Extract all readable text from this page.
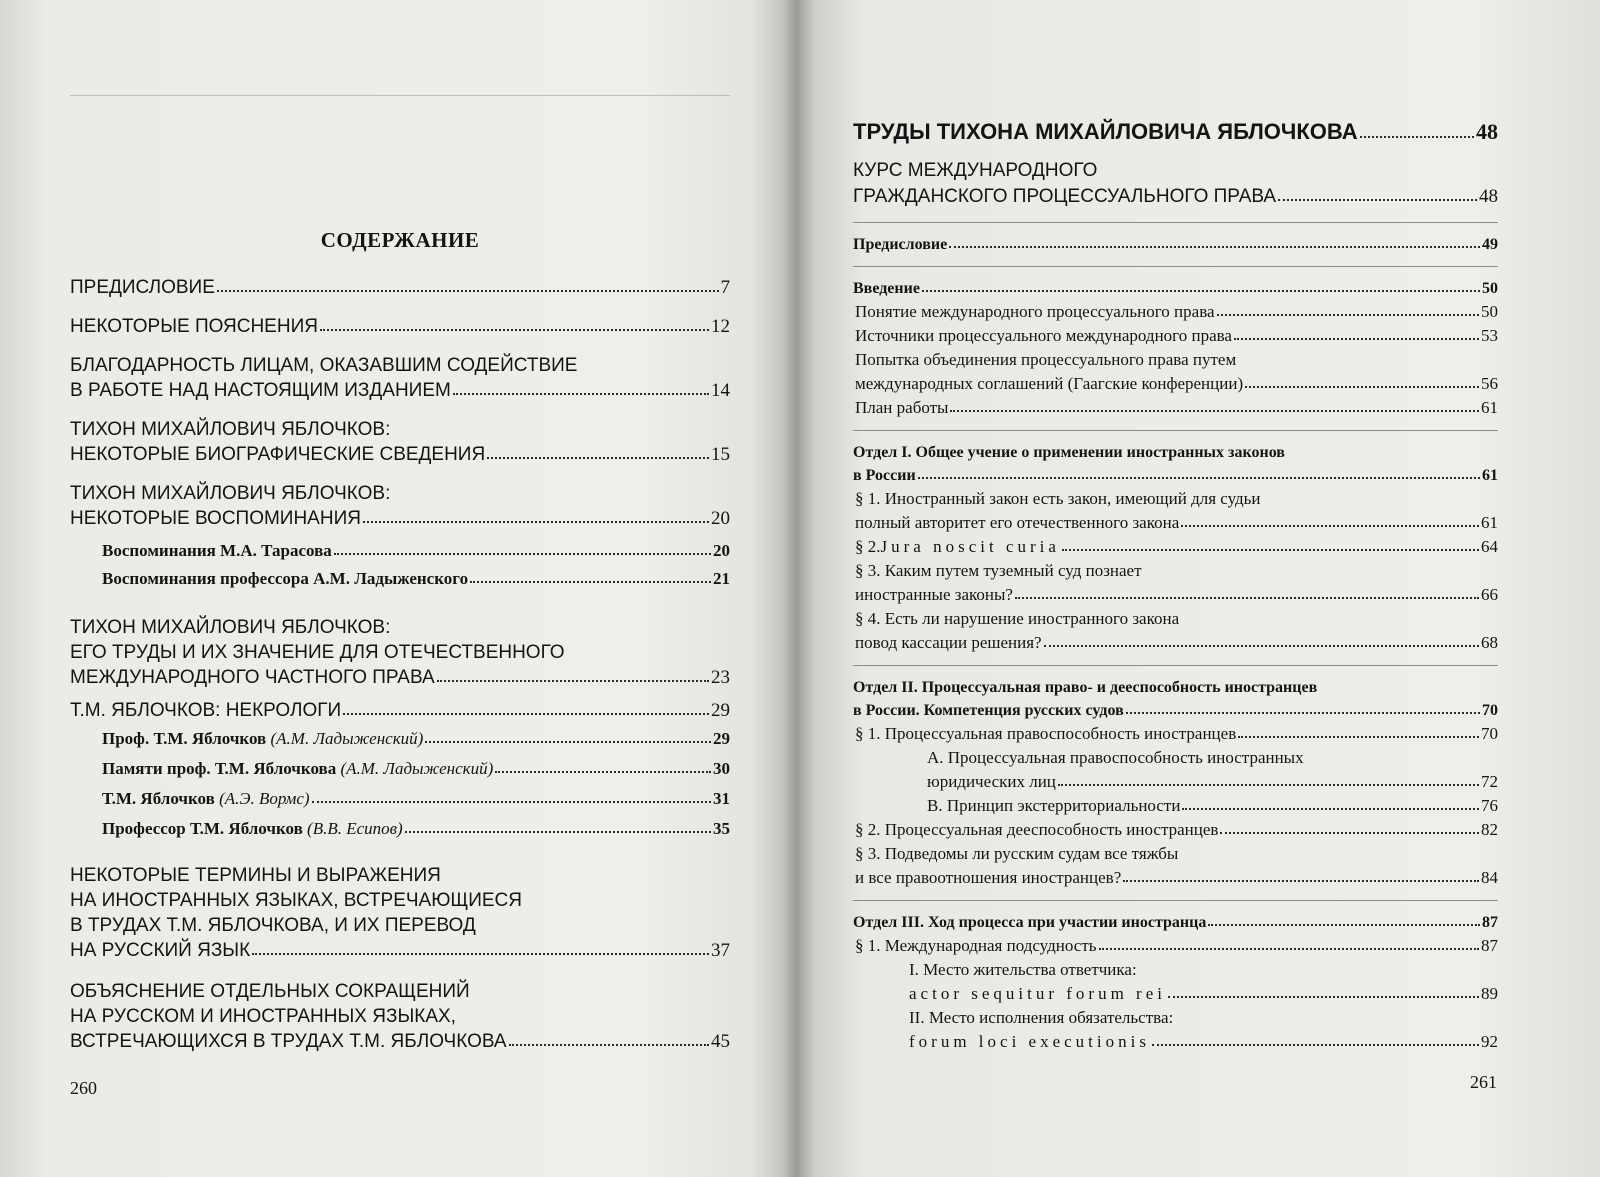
СОДЕРЖАНИЕ
ПРЕДИСЛОВИЕ	7
НЕКОТОРЫЕ ПОЯСНЕНИЯ	12
БЛАГОДАРНОСТЬ ЛИЦАМ, ОКАЗАВШИМ СОДЕЙСТВИЕ
В РАБОТЕ НАД НАСТОЯЩИМ ИЗДАНИЕМ	14
ТИХОН МИХАЙЛОВИЧ ЯБЛОЧКОВ:
НЕКОТОРЫЕ БИОГРАФИЧЕСКИЕ СВЕДЕНИЯ	15
ТИХОН МИХАЙЛОВИЧ ЯБЛОЧКОВ:
НЕКОТОРЫЕ ВОСПОМИНАНИЯ	20
Воспоминания М.А. Тарасова	20
Воспоминания профессора А.М. Ладыженского	21
ТИХОН МИХАЙЛОВИЧ ЯБЛОЧКОВ:
ЕГО ТРУДЫ И ИХ ЗНАЧЕНИЕ ДЛЯ ОТЕЧЕСТВЕННОГО
МЕЖДУНАРОДНОГО ЧАСТНОГО ПРАВА	23
Т.М. ЯБЛОЧКОВ: НЕКРОЛОГИ	29
Проф. Т.М. Яблочков (А.М. Ладыженский)	29
Памяти проф. Т.М. Яблочкова (А.М. Ладыженский)	30
Т.М. Яблочков (А.Э. Вормс)	31
Профессор Т.М. Яблочков (В.В. Есипов)	35
НЕКОТОРЫЕ ТЕРМИНЫ И ВЫРАЖЕНИЯ
НА ИНОСТРАННЫХ ЯЗЫКАХ, ВСТРЕЧАЮЩИЕСЯ
В ТРУДАХ Т.М. ЯБЛОЧКОВА, И ИХ ПЕРЕВОД
НА РУССКИЙ ЯЗЫК	37
ОБЪЯСНЕНИЕ ОТДЕЛЬНЫХ СОКРАЩЕНИЙ
НА РУССКОМ И ИНОСТРАННЫХ ЯЗЫКАХ,
ВСТРЕЧАЮЩИХСЯ В ТРУДАХ Т.М. ЯБЛОЧКОВА	45
260
ТРУДЫ ТИХОНА МИХАЙЛОВИЧА ЯБЛОЧКОВА	48
КУРС МЕЖДУНАРОДНОГО
ГРАЖДАНСКОГО ПРОЦЕССУАЛЬНОГО ПРАВА	48
Предисловие	49
Введение	50
Понятие международного процессуального права	50
Источники процессуального международного права	53
Попытка объединения процессуального права путем
международных соглашений (Гаагские конференции)	56
План работы	61
Отдел I. Общее учение о применении иностранных законов
в России	61
§ 1. Иностранный закон есть закон, имеющий для судьи
полный авторитет его отечественного закона	61
§ 2. Jura noscit curia	64
§ 3. Каким путем туземный суд познает
иностранные законы?	66
§ 4. Есть ли нарушение иностранного закона
повод кассации решения?	68
Отдел II. Процессуальная право- и дееспособность иностранцев
в России. Компетенция русских судов	70
§ 1. Процессуальная правоспособность иностранцев	70
А. Процессуальная правоспособность иностранных
юридических лиц	72
В. Принцип экстерриториальности	76
§ 2. Процессуальная дееспособность иностранцев	82
§ 3. Подведомы ли русским судам все тяжбы
и все правоотношения иностранцев?	84
Отдел III. Ход процесса при участии иностранца	87
§ 1. Международная подсудность	87
I. Место жительства ответчика:
actor sequitur forum rei	89
II. Место исполнения обязательства:
forum loci executionis	92
261
